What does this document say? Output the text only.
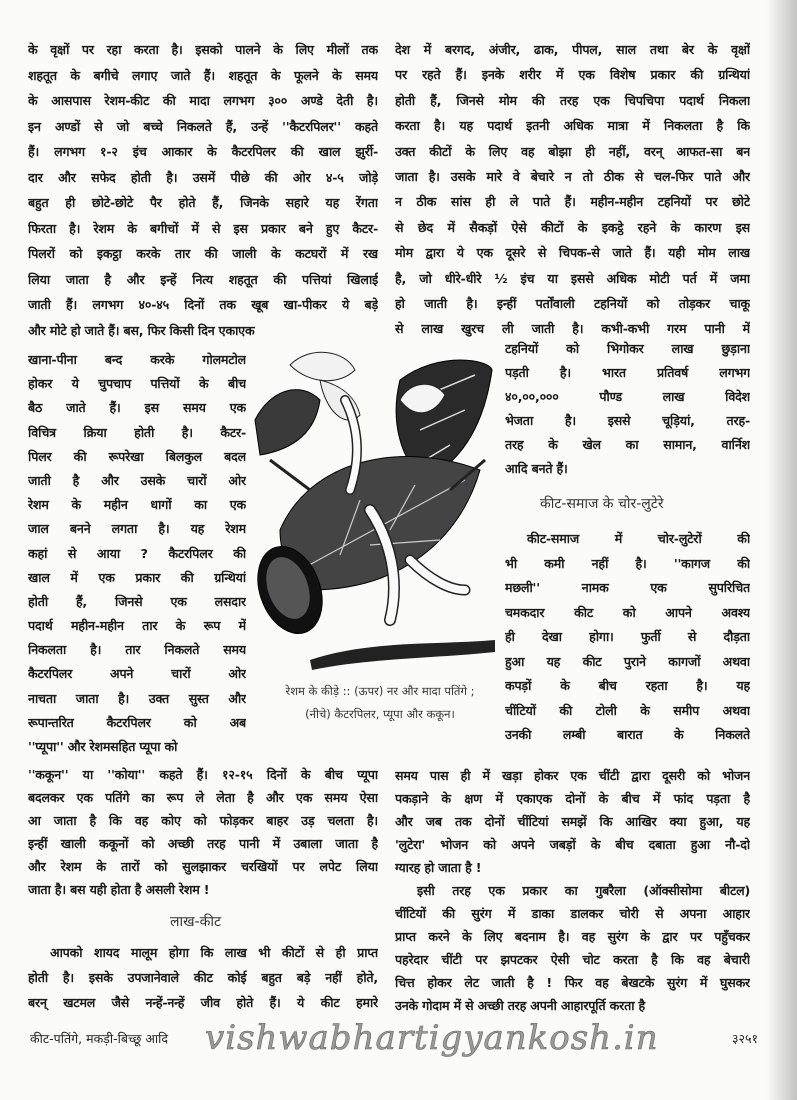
के वृक्षों पर रहा करता है। इसको पालने के लिए मीलों तक
शहतूत के बगीचे लगाए जाते हैं। शहतूत के फूलने के समय
के आसपास रेशम-कीट की मादा लगभग ३०० अण्डे देती है।
इन अण्डों से जो बच्चे निकलते हैं, उन्हें ''कैटरपिलर'' कहते
हैं। लगभग १-२ इंच आकार के कैटरपिलर की खाल झुर्री-
दार और सफेद होती है। उसमें पीछे की ओर ४-५ जोड़े
बहुत ही छोटे-छोटे पैर होते हैं, जिनके सहारे यह रेंगता
फिरता है। रेशम के बगीचों में से इस प्रकार बने हुए कैटर-
पिलरों को इकट्ठा करके तार की जाली के कटघरों में रख
लिया जाता है और इन्हें नित्य शहतूत की पत्तियां खिलाई
जाती हैं। लगभग ४०-४५ दिनों तक खूब खा-पीकर ये बड़े
और मोटे हो जाते हैं। बस, फिर किसी दिन एकाएक
खाना-पीना बन्द करके गोलमटोल
होकर ये चुपचाप पत्तियों के बीच
बैठ जाते हैं। इस समय एक
विचित्र क्रिया होती है। कैटर-
पिलर की रूपरेखा बिलकुल बदल
जाती है और उसके चारों ओर
रेशम के महीन धागों का एक
जाल बनने लगता है। यह रेशम
कहां से आया ? कैटरपिलर की
खाल में एक प्रकार की ग्रन्थियां
होती हैं, जिनसे एक लसदार
पदार्थ महीन-महीन तार के रूप में
निकलता है। तार निकलते समय
कैटरपिलर अपने चारों ओर
नाचता जाता है। उक्त सुस्त और
रूपान्तरित कैटरपिलर को अब
''प्यूपा'' और रेशमसहित प्यूपा को
''ककून'' या ''कोया'' कहते हैं। १२-१५ दिनों के बीच प्यूपा
बदलकर एक पतिंगे का रूप ले लेता है और एक समय ऐसा
आ जाता है कि वह कोए को फोड़कर बाहर उड़ चलता है।
इन्हीं खाली ककूनों को अच्छी तरह पानी में उबाला जाता है
और रेशम के तारों को सुलझाकर चरखियों पर लपेट लिया
जाता है। बस यही होता है असली रेशम !
लाख-कीट
आपको शायद मालूम होगा कि लाख भी कीटों से ही प्राप्त
होती है। इसके उपजानेवाले कीट कोई बहुत बड़े नहीं होते,
बरन् खटमल जैसे नन्हें-नन्हें जीव होते हैं। ये कीट हमारे
देश में बरगद, अंजीर, ढाक, पीपल, साल तथा बेर के वृक्षों
पर रहते हैं। इनके शरीर में एक विशेष प्रकार की ग्रन्थियां
होती हैं, जिनसे मोम की तरह एक चिपचिपा पदार्थ निकला
करता है। यह पदार्थ इतनी अधिक मात्रा में निकलता है कि
उक्त कीटों के लिए वह बोझा ही नहीं, वरन् आफत-सा बन
जाता है। उसके मारे वे बेचारे न तो ठीक से चल-फिर पाते और
न ठीक सांस ही ले पाते हैं। महीन-महीन टहनियों पर छोटे
से छेद में सैकड़ों ऐसे कीटों के इकट्ठे रहने के कारण इस
मोम द्वारा ये एक दूसरे से चिपक-से जाते हैं। यही मोम लाख
है, जो धीरे-धीरे ½ इंच या इससे अधिक मोटी पर्त में जमा
हो जाती है। इन्हीं पर्तोंवाली टहनियों को तोड़कर चाकू
से लाख खुरच ली जाती है। कभी-कभी गरम पानी में
टहनियों को भिगोकर लाख छुड़ाना
पड़ती है। भारत प्रतिवर्ष लगभग
४०,००,००० पौण्ड लाख विदेश
भेजता है। इससे चूड़ियां, तरह-
तरह के खेल का सामान, वार्निश
आदि बनते हैं।
कीट-समाज के चोर-लुटेरे
कीट-समाज में चोर-लुटेरों की
भी कमी नहीं है। ''कागज की
मछली'' नामक एक सुपरिचित
चमकदार कीट को आपने अवश्य
ही देखा होगा। फुर्ती से दौड़ता
हुआ यह कीट पुराने कागजों अथवा
कपड़ों के बीच रहता है। यह
चींटियों की टोली के समीप अथवा
उनकी लम्बी बारात के निकलते
समय पास ही में खड़ा होकर एक चींटी द्वारा दूसरी को भोजन
पकड़ाने के क्षण में एकाएक दोनों के बीच में फांद पड़ता है
और जब तक दोनों चींटियां समझें कि आखिर क्या हुआ, यह
'लुटेरा' भोजन को अपने जबड़ों के बीच दबाता हुआ नौ-दो
ग्यारह हो जाता है !
इसी तरह एक प्रकार का गुबरैला (ऑक्सीसोमा बीटल)
चींटियों की सुरंग में डाका डालकर चोरी से अपना आहार
प्राप्त करने के लिए बदनाम है। वह सुरंग के द्वार पर पहुँचकर
पहरेदार चींटी पर झपटकर ऐसी चोट करता है कि वह बेचारी
चित्त होकर लेट जाती है ! फिर वह बेखटके सुरंग में घुसकर
उनके गोदाम में से अच्छी तरह अपनी आहारपूर्ति करता है
रेशम के कीड़े :: (ऊपर) नर और मादा पतिंगे ;
(नीचे) कैटरपिलर, प्यूपा और ककून।
कीट-पतिंगे, मकड़ी-बिच्छू आदि vishwabhartigyankosh.in	३२५१
